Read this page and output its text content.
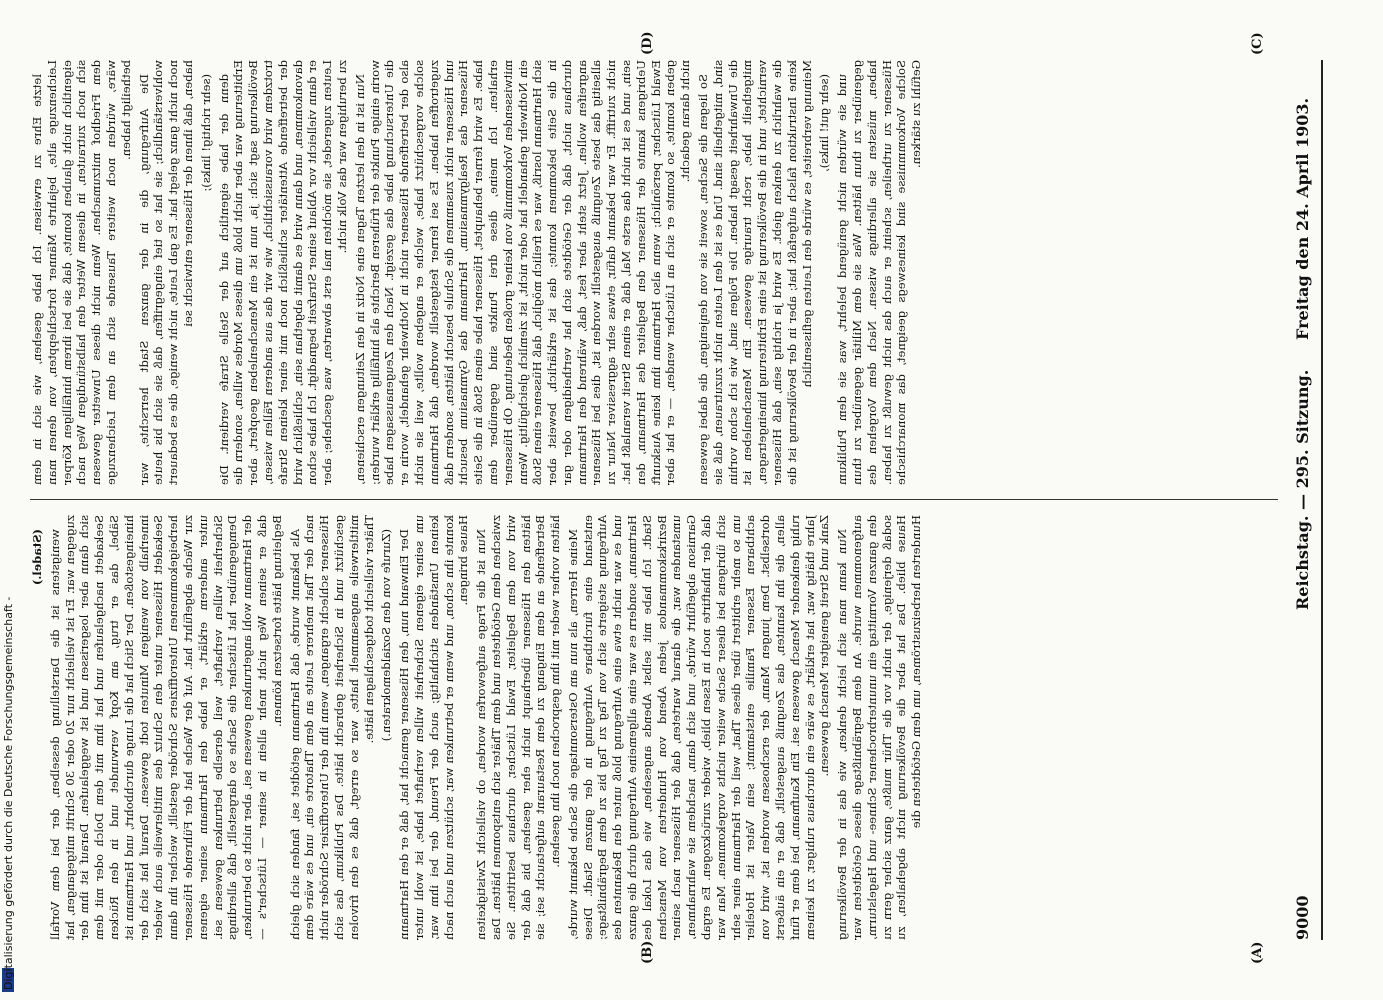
9000
Reichstag. — 295. Sitzung.
Freitag den 24. April 1903.
(A)
(B)
(C)
(D)

(Stadel.) wenigstens ist die Darstellung desselben, der bei dem Vorfall zugegen war. Er ist vielleicht nur 20 oder 30 Schritt mitgegangen, hat sich dann aber losgerissen und ist weggelaufen. Darauf ist ihm der Seekadett nachgelaufen und hat ihm mit dem Dolch oder mit dem Säbel, das er trug, am Kopf verwundet und in den Rücken hineingestoßen. Der Stich hat die Lunge durchbohrt, und Hartmann ist innerhalb von wenigen Minuten todt gewesen. Darauf hat sich der Seekadett Hüssener unter den Schutz des mittlerweile auch wieder herbeigekommenen Unteroffiziers Schröder gestellt, welcher ihn dann zur Wache abgeführt hat. Auf der Wache hat der Führende Hüssener unter anderem erklärt, er habe den Hartmann seiner eigenen Sicherheit willen verhaftet, weil derselbe betrunken gewesen sei. Demgegenüber hat Lütscher die Sache so dargestellt, daß allerdings der Hartmann wohl angetrunken gewesen sei, aber nicht so betrunken, daß er seinen Weg nicht mehr allein in seiner — Lütscher's — Begleitung hätte fortsetzen können. Als bekannt wurde, daß Hartmann getödtet sei, fanden sich gleich nach der That mehrere Leute an dem Thatorte ein, und es wäre dem Hüssener schlecht ergangen, wenn ihn der Unteroffizier Schröder nicht geschützt und in Sicherheit gebracht hätte. Das Publikum, das sich mittlerweile angesammelt hatte, war so erregt, daß es den frivolen Thäter vielleicht todtgeschlagen hätte. (Zurufe von den Sozialdemokraten.) Der Einwand nun, den Hüssener gemacht hat, daß er den Hartmann um seiner eigenen Sicherheit willen verhaftet habe, ist wohl unter keinen Umständen stichhaltig; auch der Freund, der bei ihm war, konnte ihn schon, und wenn er betrunken war, schützen und auch nach Hause bringen. Nun ist die Frage aufgeworfen worden, ob vielleicht Zwistigkeiten zwischen dem Getödteten und dem Thäter sich entsponnen hätten. Das wird von dem Begleiter, Ewald Lütscher, durchaus bestritten. Sie hätten den Hüssener überhaupt nicht eher gesehen, bis daß der Betreffende an dem Eingang zu dem Restaurant aufgetaucht sei; sie hätten vorher weder mit ihm gesprochen noch ihn gesehen. Meine Herren, als nun am Ostersonntage die Sache bekannt wurde, entstand eine furchtbare Aufregung in der ganzen Stadt. Diese Aufregung steigerte sich von Tag zu Tag bis zu dem Begräbnißtage; und es war nicht etwa eine Aufregung bloß unter den Bekannten des Hartmann, sondern es war eine allgemeine Aufregung durch die ganze Stadt. Ich habe mit selbst Abends angesehen, wie das Lokal des Bezirkskommandos jeden Abend von Hunderten von Menschen umstanden war, die darauf warteten, daß der Hüssener nach seiner Garnison abgeführt würde, und sich dann, nachdem sie wahrnahmen, daß der Inhaftirte noch in Essen blieb, wieder zurückzogen. Es ergab sich übrigens bei dieser Sache weiter nichts vorgekommen. Man war um so mehr erbittert über diese That, weil der Hartmann einer sehr achtbaren Essener Familie entstammt; sein Vater ist Hotelier dortselbst. Dem jungen Mann, der erschossen worden ist, wird von allen, die ihn kannten, das Zeugniß ausgestellt, daß er ein äußerst ruhig denkender Mensch gewesen sei. Ein Kaufmann, bei dem er fünf Jahre thätig war, hat erklärt, es wäre ein durchaus ruhiger, zu keinem Zank und Streit geneigter Mensch gewesen. Nun kann man sich leicht denken, wie das in der Bevölkerung aufgenommen wurde. An dem Begräbnißtage dieses Getödteten war den ganzen Vormittag ein ununterbrochener Schnee- und Hagelsturm, sodaß derjenige, der nicht vor die Thür mußte, ganz sicher gern zu Hause blieb. Das hat aber die Bevölkerung nicht abgehalten, zu Hunderten herbeizuströmen, um dem Getödteten die

letzte Ehre zu erweisen. Ich habe gesehen, wie sich in dem Leichenzuge alte, bejahrte Männer fortschleppten, von denen man eigentlich nicht glauben konnte, daß sie bei ihrem hinfälligen Körper sich noch zutrauten, in diesem Wetter den halbstündigen Weg nach dem Friedhof mitzumachen. Wenn nicht dieses Unwetter gewesen wäre, würden noch weitere Tausende sich an dem Leichenzuge betheiligt haben. Die Aufregung, die in der ganzen Stadt herrschte, war wohlverständlich; sie hat so tief eingegriffen, daß sie sich bis heute noch nicht ganz gelegt hat. Es gab Leute, nicht wenige, die es bedauert haben, daß ihnen der Hüssener entwischt sei (sehr richtig! links); denn der habe eigentlich auf der Stelle Strafe verdient. Die Erbitterung war aber nicht bloß um dieses Mordes willen, sondern die Bevölkerung sagt sich: ja, nun ist ein Menschenleben geopfert, aber trotzdem wird voraussichtlich, wie wir das aus anderen Fällen wissen, der betreffende Attentäter schließlich noch mit einer kleinen Strafe davonkommen, und dann wird es damit abgethan sein, schließlich wird er dann vielleicht vor Ablauf seiner Strafzeit begnadigt. Ich habe schon Leuten zugeredet, sie möchten mal erst abwarten, was geschehe; aber zu beruhigen war das Volk nicht. Nun ist in den letzten Tagen eine Notiz in den Zeitungen erschienen, worin einige Punkte der früheren Berichte als hinfällig erklärt wurden; die Untersuchung habe das gezeigt. Nach den Zeugenaussagen habe also der betreffende Hüssener nicht in Nothwehr gehandelt, worin er solche vorgeschützt habe, welche er angeben wollte, weil sie nicht zugetroffen haben. Es sei ferner festgestellt worden, daß Hartmann und Hüssener nicht zusammen die Schule besucht hätten, sondern daß Hüssener das Realgymnasium, Hartmann das Gymnasium besucht habe. Es wird ferner behauptet, Hüssener habe einen Stoß in die Seite erhalten. Ich meine, diese drei Punkte sind gegenüber dem mitwissenden Vorkommniß von keiner großen Bedeutung. Ob Hüssener ein Nothwehr gehandelt hat oder nicht, ist ziemlich gleichgültig. Wenn sich Hartmann losriß, war es freilich möglich, daß Hüssener einen Stoß in die Seite bekommen konnte; das ist erklärlich, beweist aber durchaus nicht, daß der Getödtete sich hat vertheidigen oder gar angreifen wollen. Jetzt steht aber fest, daß, während den Hartmann allseitig das beste Zeugniß ausgestellt worden ist, dies bei Hüssener nicht zutrifft. Er war bekannt dafür, etwas sehr aggressiver Natur zu sein, und es ist nicht das erste Mal, daß er einen Streit veranlaßt hat. Uebrigens kannte der Hüssener den Begleiter des Hartmann, den Ewald Lütscher, persönlich; wenn also Hartmann ihm keine Auskunft geben konnte, so konnte er sich an Lütscher wenden, — er hat aber nicht daran gedacht. So liegen die Sachen, soweit sie von denjenigen, die dabei gewesen sind, mitgetheilt sind. Und es ist den Leuten nicht zuzutrauen, daß sie die Unwahrheit gesagt haben. Die Folgen sind, wie ich schon vorhin mitgetheilt habe, recht traurige gewesen. Ein Menschenleben ist vernichtet, und in die Bevölkerung ist eine Erbitterung hineingetragen, die wahrlich zu denken giebt. Es wird ja richtig sein, daß Hüssener keine Instruktion falsch aufgefaßt hat; aber in der Bevölkerung ist die Meinung verbreitet, es würde den Leuten geflissentlich (sehr gut! links), und sie würden nicht genügend belehrt, was sie dem Publikum gegenüber zu thun hätten. Was sie dem Militär gegenüber zu thun haben, müssten sie allerdings wissen. Nach dem Vorgehen des Hüssener zu urtheilen, scheint er auch das nicht gewußt zu haben. Solche Vorkommnisse sind keineswegs geeignet, das monarchische Gefühl zu stärken.

Digitalisierung gefördert durch die Deutsche Forschungsgemeinschaft -
